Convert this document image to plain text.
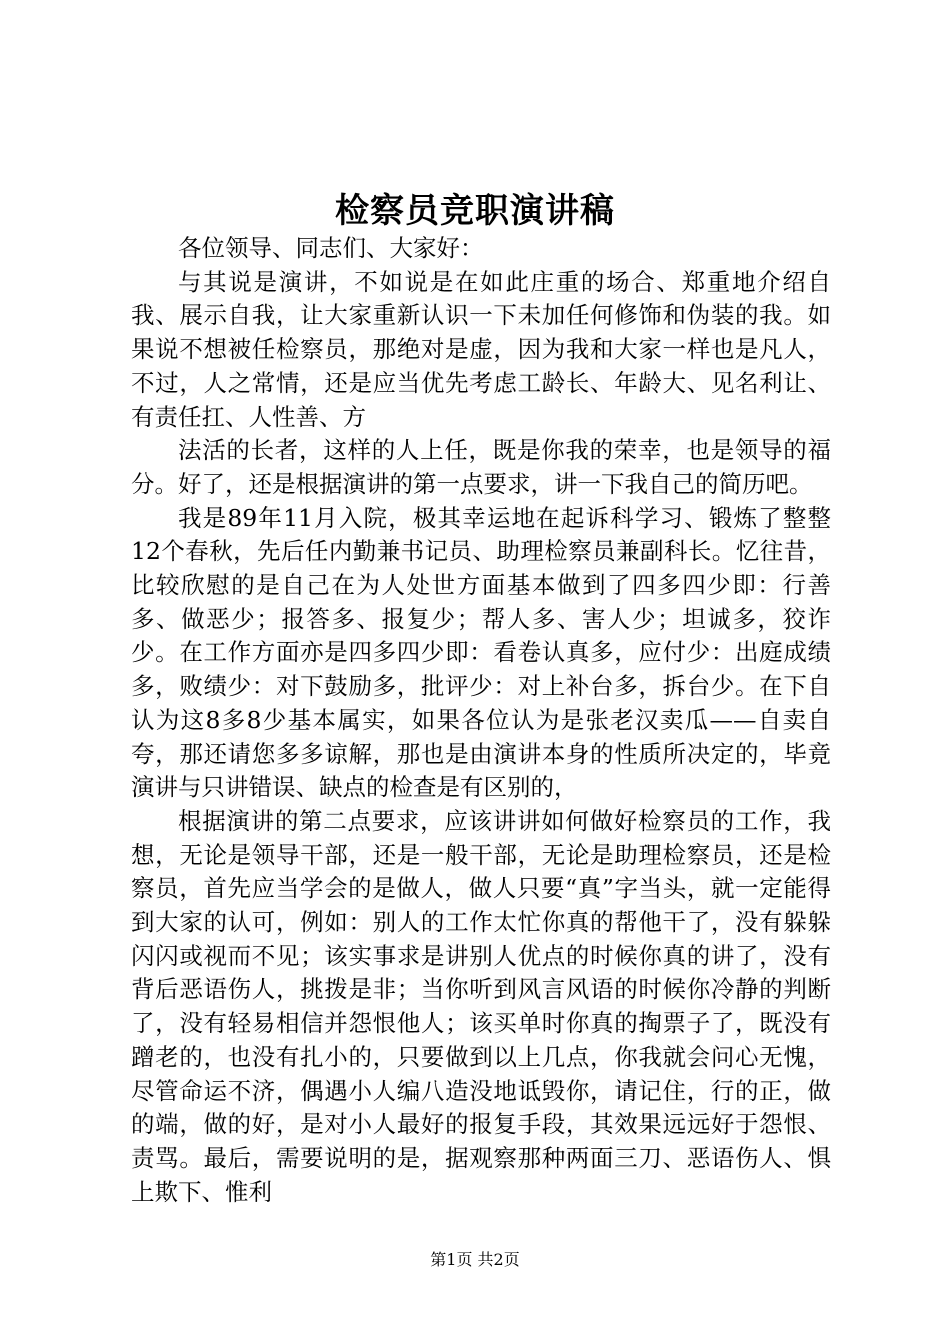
检察员竞职演讲稿

各位领导、同志们、大家好：

与其说是演讲，不如说是在如此庄重的场合、郑重地介绍自我、展示自我，让大家重新认识一下未加任何修饰和伪装的我。如果说不想被任检察员，那绝对是虚，因为我和大家一样也是凡人，不过，人之常情，还是应当优先考虑工龄长、年龄大、见名利让、有责任扛、人性善、方

法活的长者，这样的人上任，既是你我的荣幸，也是领导的福分。好了，还是根据演讲的第一点要求，讲一下我自己的简历吧。

我是89年11月入院，极其幸运地在起诉科学习、锻炼了整整12个春秋，先后任内勤兼书记员、助理检察员兼副科长。忆往昔，比较欣慰的是自己在为人处世方面基本做到了四多四少即：行善多、做恶少；报答多、报复少；帮人多、害人少；坦诚多，狡诈少。在工作方面亦是四多四少即：看卷认真多，应付少：出庭成绩多，败绩少：对下鼓励多，批评少：对上补台多，拆台少。在下自认为这8多8少基本属实，如果各位认为是张老汉卖瓜——自卖自夸，那还请您多多谅解，那也是由演讲本身的性质所决定的，毕竟演讲与只讲错误、缺点的检查是有区别的，

根据演讲的第二点要求，应该讲讲如何做好检察员的工作，我想，无论是领导干部，还是一般干部，无论是助理检察员，还是检察员，首先应当学会的是做人，做人只要“真”字当头，就一定能得到大家的认可，例如：别人的工作太忙你真的帮他干了，没有躲躲闪闪或视而不见；该实事求是讲别人优点的时候你真的讲了，没有背后恶语伤人，挑拨是非；当你听到风言风语的时候你冷静的判断了，没有轻易相信并怨恨他人；该买单时你真的掏票子了，既没有蹭老的，也没有扎小的，只要做到以上几点，你我就会问心无愧，尽管命运不济，偶遇小人编八造没地诋毁你，请记住，行的正，做的端，做的好，是对小人最好的报复手段，其效果远远好于怨恨、责骂。最后，需要说明的是，据观察那种两面三刀、恶语伤人、惧上欺下、惟利

第1页 共2页
